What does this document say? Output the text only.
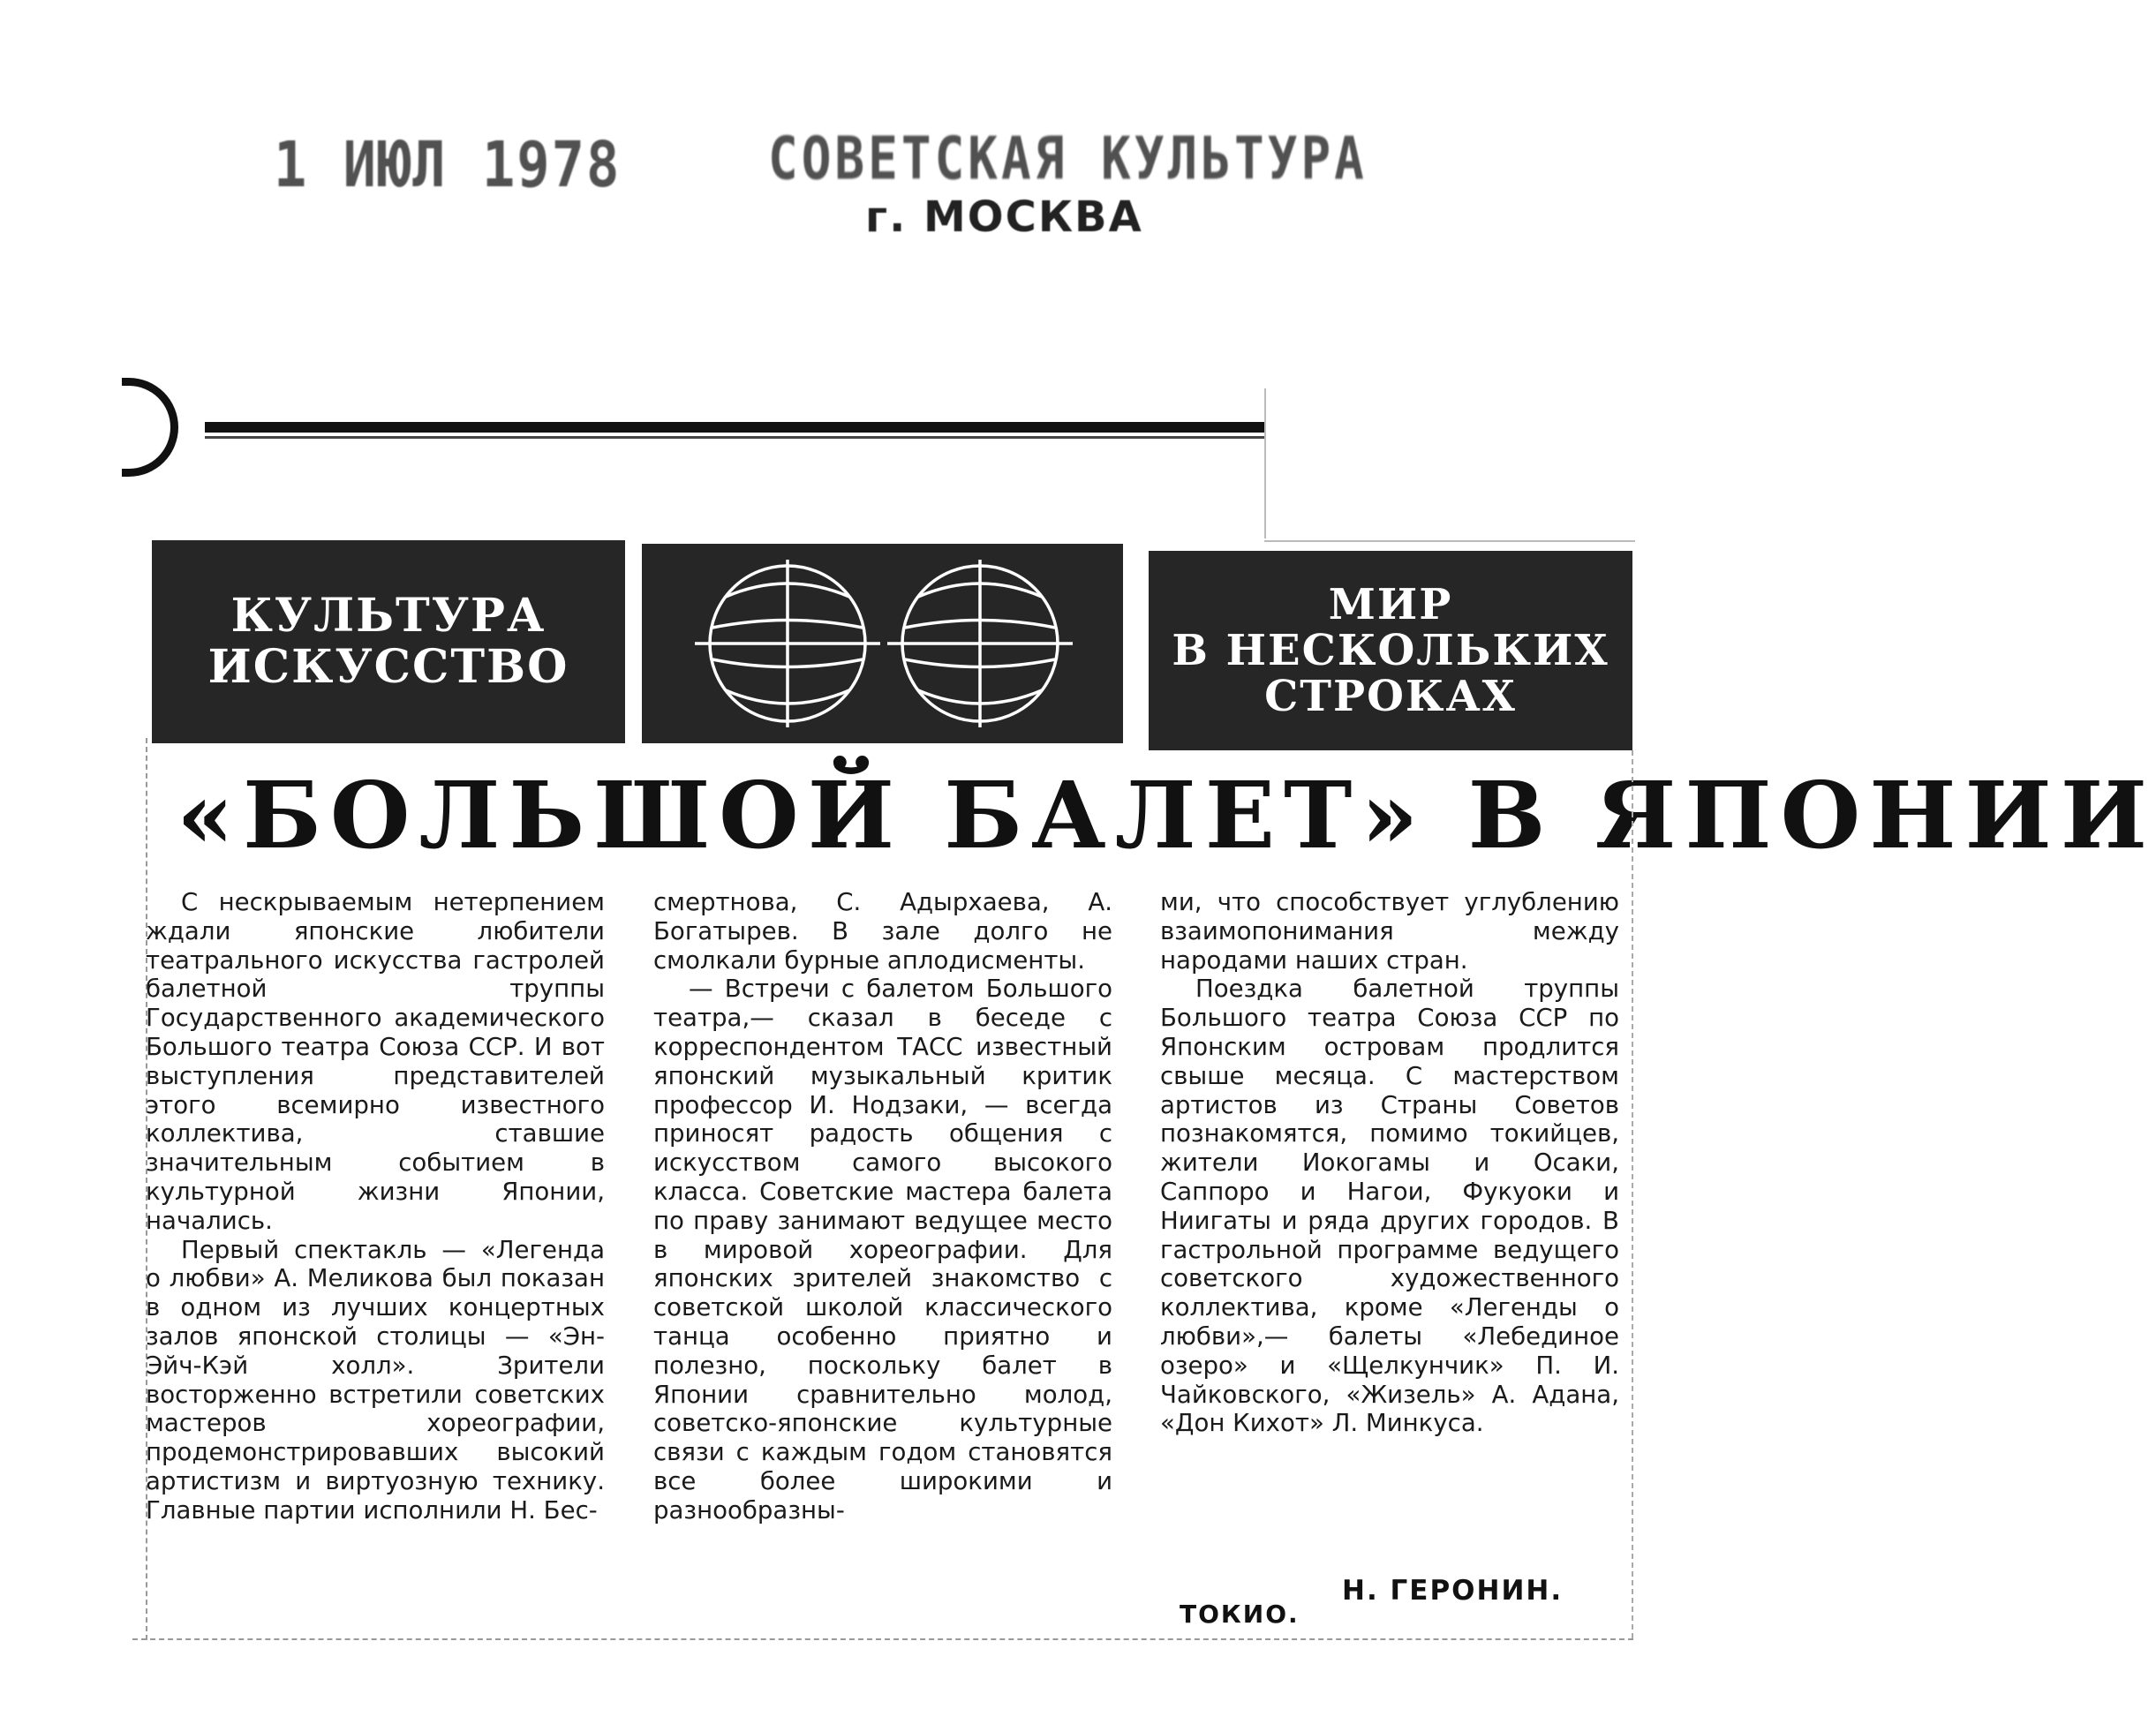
1 ИЮЛ 1978	СОВЕТСКАЯ КУЛЬТУРА
г. МОСКВА
КУЛЬТУРА
ИСКУССТВО
МИР
В НЕСКОЛЬКИХ
СТРОКАХ
«БОЛЬШОЙ БАЛЕТ» В ЯПОНИИ

С нескрываемым нетерпением ждали японские любители театрального искусства гастролей балетной труппы Государственного академического Большого театра Союза ССР. И вот выступления представителей этого всемирно известного коллектива, ставшие значительным событием в культурной жизни Японии, начались.

Первый спектакль — «Легенда о любви» А. Меликова был показан в одном из лучших концертных залов японской столицы — «Эн-Эйч-Кэй холл». Зрители восторженно встретили советских мастеров хореографии, продемонстрировавших высокий артистизм и виртуозную технику. Главные партии исполнили Н. Бес-

смертнова, С. Адырхаева, А. Богатырев. В зале долго не смолкали бурные аплодисменты.

— Встречи с балетом Большого театра,— сказал в беседе с корреспондентом ТАСС известный японский музыкальный критик профессор И. Нодзаки, — всегда приносят радость общения с искусством самого высокого класса. Советские мастера балета по праву занимают ведущее место в мировой хореографии. Для японских зрителей знакомство с советской школой классического танца особенно приятно и полезно, поскольку балет в Японии сравнительно молод, советско-японские культурные связи с каждым годом становятся все более широкими и разнообразны-

ми, что способствует углублению взаимопонимания между народами наших стран.

Поездка балетной труппы Большого театра Союза ССР по Японским островам продлится свыше месяца. С мастерством артистов из Страны Советов познакомятся, помимо токийцев, жители Иокогамы и Осаки, Саппоро и Нагои, Фукуоки и Ниигаты и ряда других городов. В гастрольной программе ведущего советского художественного коллектива, кроме «Легенды о любви»,— балеты «Лебединое озеро» и «Щелкунчик» П. И. Чайковского, «Жизель» А. Адана, «Дон Кихот» Л. Минкуса.

Н. ГЕРОНИН.
ТОКИО.
